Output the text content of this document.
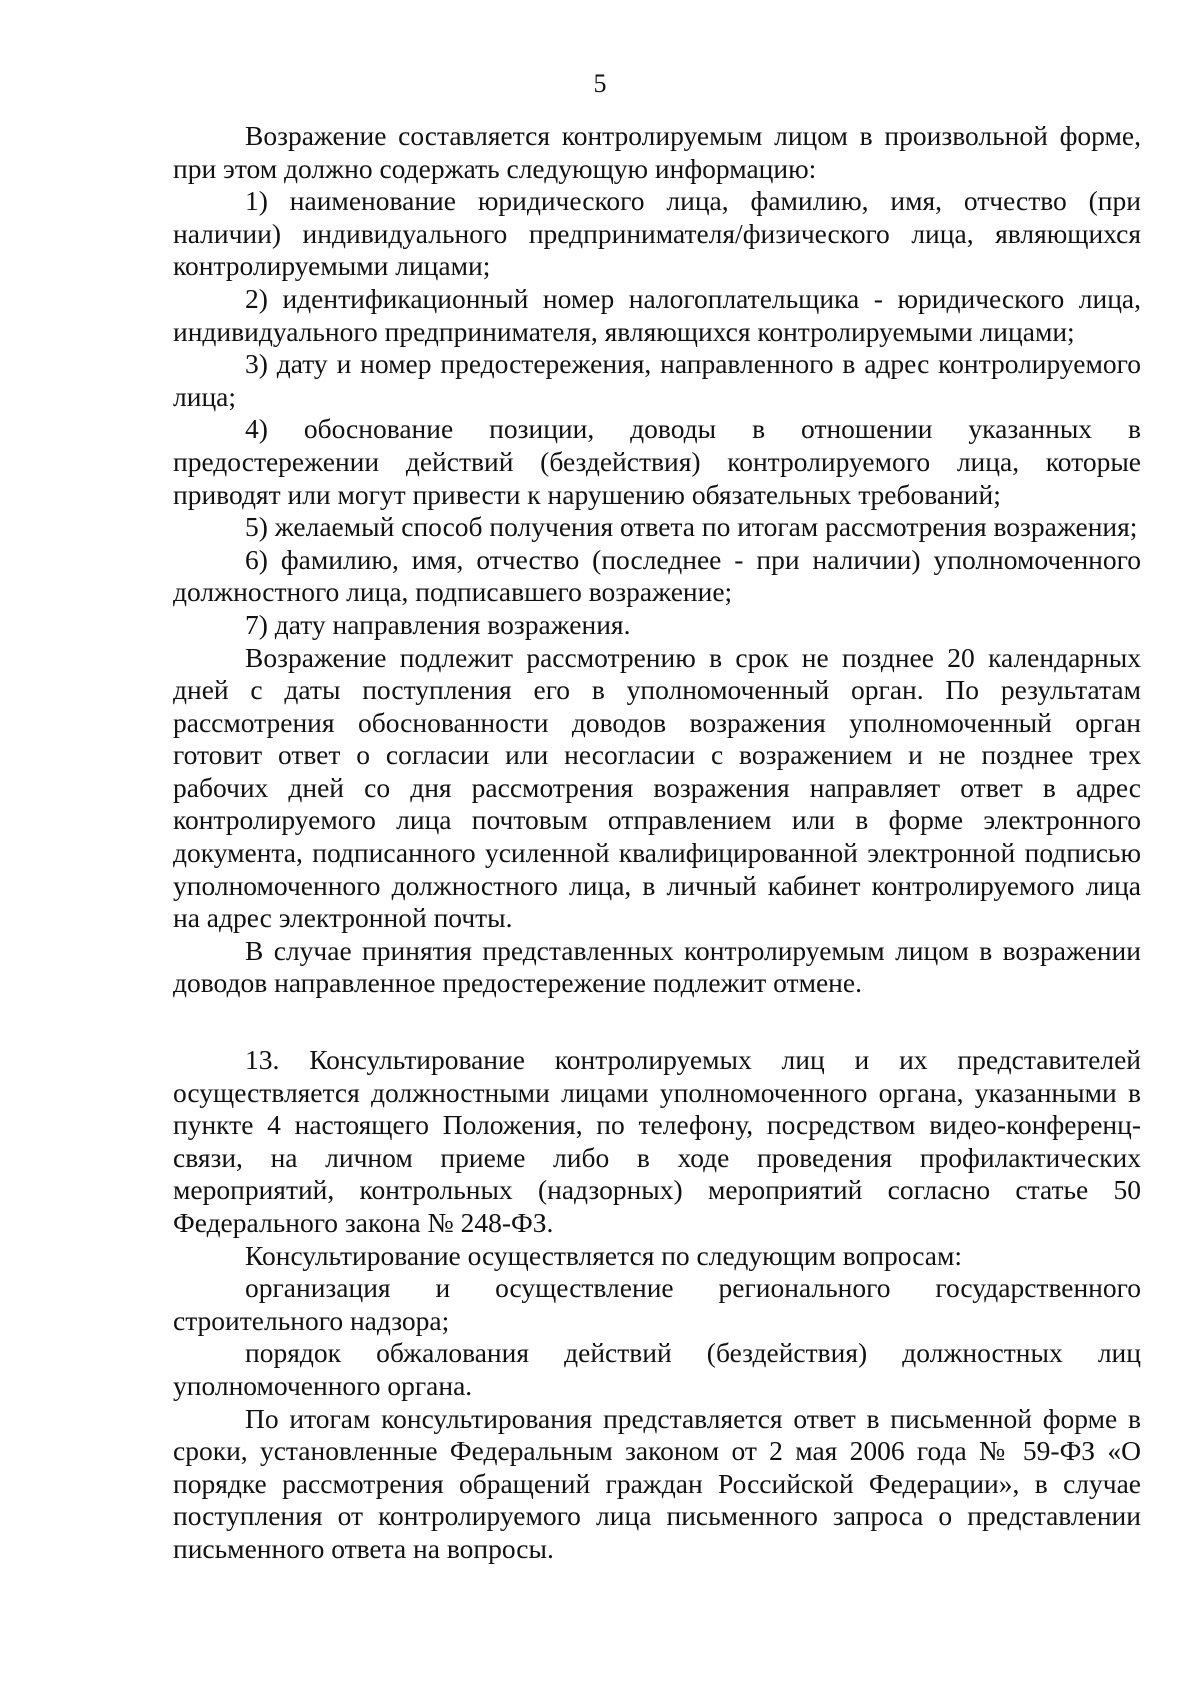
5

Возражение составляется контролируемым лицом в произвольной форме, при этом должно содержать следующую информацию:

1) наименование юридического лица, фамилию, имя, отчество (при наличии) индивидуального предпринимателя/физического лица, являющихся контролируемыми лицами;

2) идентификационный номер налогоплательщика - юридического лица, индивидуального предпринимателя, являющихся контролируемыми лицами;

3) дату и номер предостережения, направленного в адрес контролируемого лица;

4) обоснование позиции, доводы в отношении указанных в предостережении действий (бездействия) контролируемого лица, которые приводят или могут привести к нарушению обязательных требований;

5) желаемый способ получения ответа по итогам рассмотрения возражения;

6) фамилию, имя, отчество (последнее - при наличии) уполномоченного должностного лица, подписавшего возражение;

7) дату направления возражения.

Возражение подлежит рассмотрению в срок не позднее 20 календарных дней с даты поступления его в уполномоченный орган. По результатам рассмотрения обоснованности доводов возражения уполномоченный орган готовит ответ о согласии или несогласии с возражением и не позднее трех рабочих дней со дня рассмотрения возражения направляет ответ в адрес контролируемого лица почтовым отправлением или в форме электронного документа, подписанного усиленной квалифицированной электронной подписью уполномоченного должностного лица, в личный кабинет контролируемого лица на адрес электронной почты.

В случае принятия представленных контролируемым лицом в возражении доводов направленное предостережение подлежит отмене.

13. Консультирование контролируемых лиц и их представителей осуществляется должностными лицами уполномоченного органа, указанными в пункте 4 настоящего Положения, по телефону, посредством видео-конференц-связи, на личном приеме либо в ходе проведения профилактических мероприятий, контрольных (надзорных) мероприятий согласно статье 50 Федерального закона № 248-ФЗ.

Консультирование осуществляется по следующим вопросам:

организация и осуществление регионального государственного строительного надзора;

порядок обжалования действий (бездействия) должностных лиц уполномоченного органа.

По итогам консультирования представляется ответ в письменной форме в сроки, установленные Федеральным законом от 2 мая 2006 года № 59-ФЗ «О порядке рассмотрения обращений граждан Российской Федерации», в случае поступления от контролируемого лица письменного запроса о представлении письменного ответа на вопросы.
